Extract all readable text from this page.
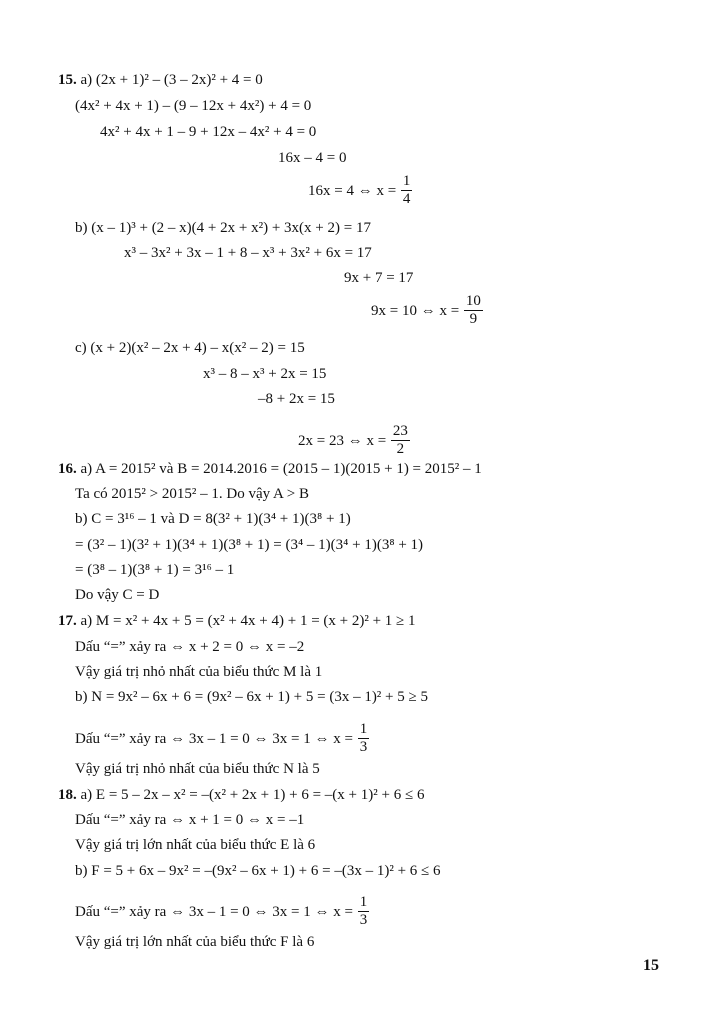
15. a) (2x + 1)² – (3 – 2x)² + 4 = 0
(4x² + 4x + 1) – (9 – 12x + 4x²) + 4 = 0
4x² + 4x + 1 – 9 + 12x – 4x² + 4 = 0
16x – 4 = 0
16x = 4 ⇔ $x = \frac{1}{4}$
b) (x – 1)³ + (2 – x)(4 + 2x + x²) + 3x(x + 2) = 17
x³ – 3x² + 3x – 1 + 8 – x³ + 3x² + 6x = 17
9x + 7 = 17
9x = 10 ⇔ $x = \frac{10}{9}$
c) (x + 2)(x² – 2x + 4) – x(x² – 2) = 15
x³ – 8 – x³ + 2x = 15
–8 + 2x = 15
2x = 23 ⇔ $x = \frac{23}{2}$
16. a) A = 2015² và B = 2014.2016 = (2015 – 1)(2015 + 1) = 2015² – 1
Ta có 2015² > 2015² – 1. Do vậy A > B
b) C = 3¹⁶ – 1 và D = 8(3² + 1)(3⁴ + 1)(3⁸ + 1)
= (3² – 1)(3² + 1)(3⁴ + 1)(3⁸ + 1) = (3⁴ – 1)(3⁴ + 1)(3⁸ + 1)
= (3⁸ – 1)(3⁸ + 1) = 3¹⁶ – 1
Do vậy C = D
17. a) M = x² + 4x + 5 = (x² + 4x + 4) + 1 = (x + 2)² + 1 ≥ 1
Dấu “=” xảy ra ⇔ x + 2 = 0 ⇔ x = –2
Vậy giá trị nhỏ nhất của biểu thức M là 1
b) N = 9x² – 6x + 6 = (9x² – 6x + 1) + 5 = (3x – 1)² + 5 ≥ 5
Dấu “=” xảy ra ⇔ 3x – 1 = 0 ⇔ 3x = 1 ⇔ $x = \frac{1}{3}$
Vậy giá trị nhỏ nhất của biểu thức N là 5
18. a) E = 5 – 2x – x² = –(x² + 2x + 1) + 6 = –(x + 1)² + 6 ≤ 6
Dấu “=” xảy ra ⇔ x + 1 = 0 ⇔ x = –1
Vậy giá trị lớn nhất của biểu thức E là 6
b) F = 5 + 6x – 9x² = –(9x² – 6x + 1) + 6 = –(3x – 1)² + 6 ≤ 6
Dấu “=” xảy ra ⇔ 3x – 1 = 0 ⇔ 3x = 1 ⇔ $x = \frac{1}{3}$
Vậy giá trị lớn nhất của biểu thức F là 6
15
